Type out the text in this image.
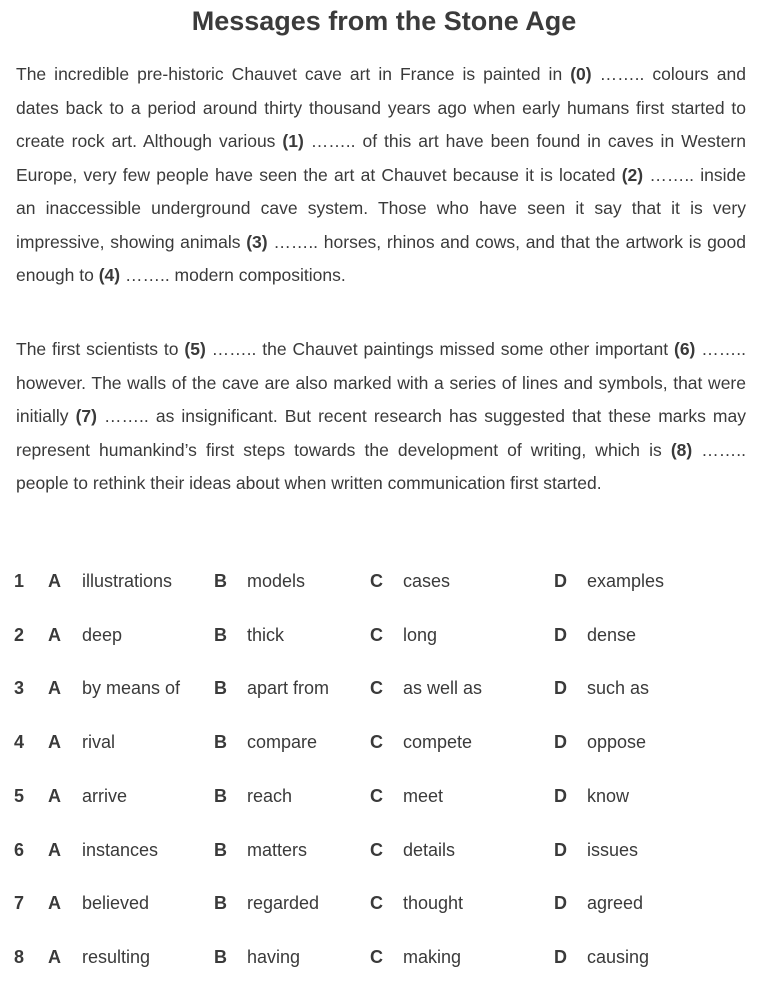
Messages from the Stone Age

The incredible pre-historic Chauvet cave art in France is painted in (0) …….. colours and dates back to a period around thirty thousand years ago when early humans first started to create rock art. Although various (1) …….. of this art have been found in caves in Western Europe, very few people have seen the art at Chauvet because it is located (2) …….. inside an inaccessible underground cave system. Those who have seen it say that it is very impressive, showing animals (3) …….. horses, rhinos and cows, and that the artwork is good enough to (4) …….. modern compositions.

The first scientists to (5) …….. the Chauvet paintings missed some other important (6) …….. however. The walls of the cave are also marked with a series of lines and symbols, that were initially (7) …….. as insignificant. But recent research has suggested that these marks may represent humankind’s first steps towards the development of writing, which is (8) …….. people to rethink their ideas about when written communication first started.

1 A illustrations B models	C cases	D examples
2 A deep	B thick	C long	D dense
3 A by means of B apart from C as well as	D such as
4 A rival	B compare	C compete	D oppose
5 A arrive	B reach	C meet	D know
6 A instances	B matters	C details	D issues
7 A believed	B regarded	C thought	D agreed
8 A resulting	B having	C making	D causing
